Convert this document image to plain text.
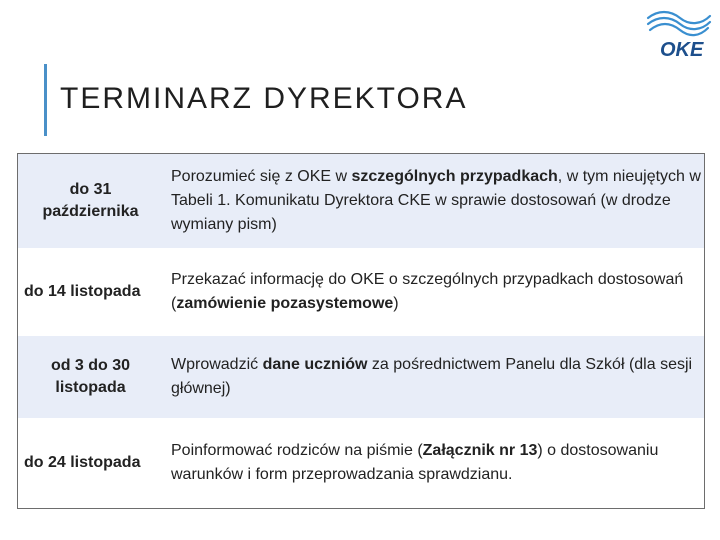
TERMINARZ DYREKTORA
OKE
do 31
października
Porozumieć się z OKE w szczególnych przypadkach, w tym nieujętych w Tabeli 1. Komunikatu Dyrektora CKE w sprawie dostosowań (w drodze wymiany pism)
do 14 listopada
Przekazać informację do OKE o szczególnych przypadkach dostosowań (zamówienie pozasystemowe)
od 3 do 30
listopada
Wprowadzić dane uczniów za pośrednictwem Panelu dla Szkół (dla sesji głównej)
do 24 listopada
Poinformować rodziców na piśmie (Załącznik nr 13) o dostosowaniu warunków i form przeprowadzania sprawdzianu.
